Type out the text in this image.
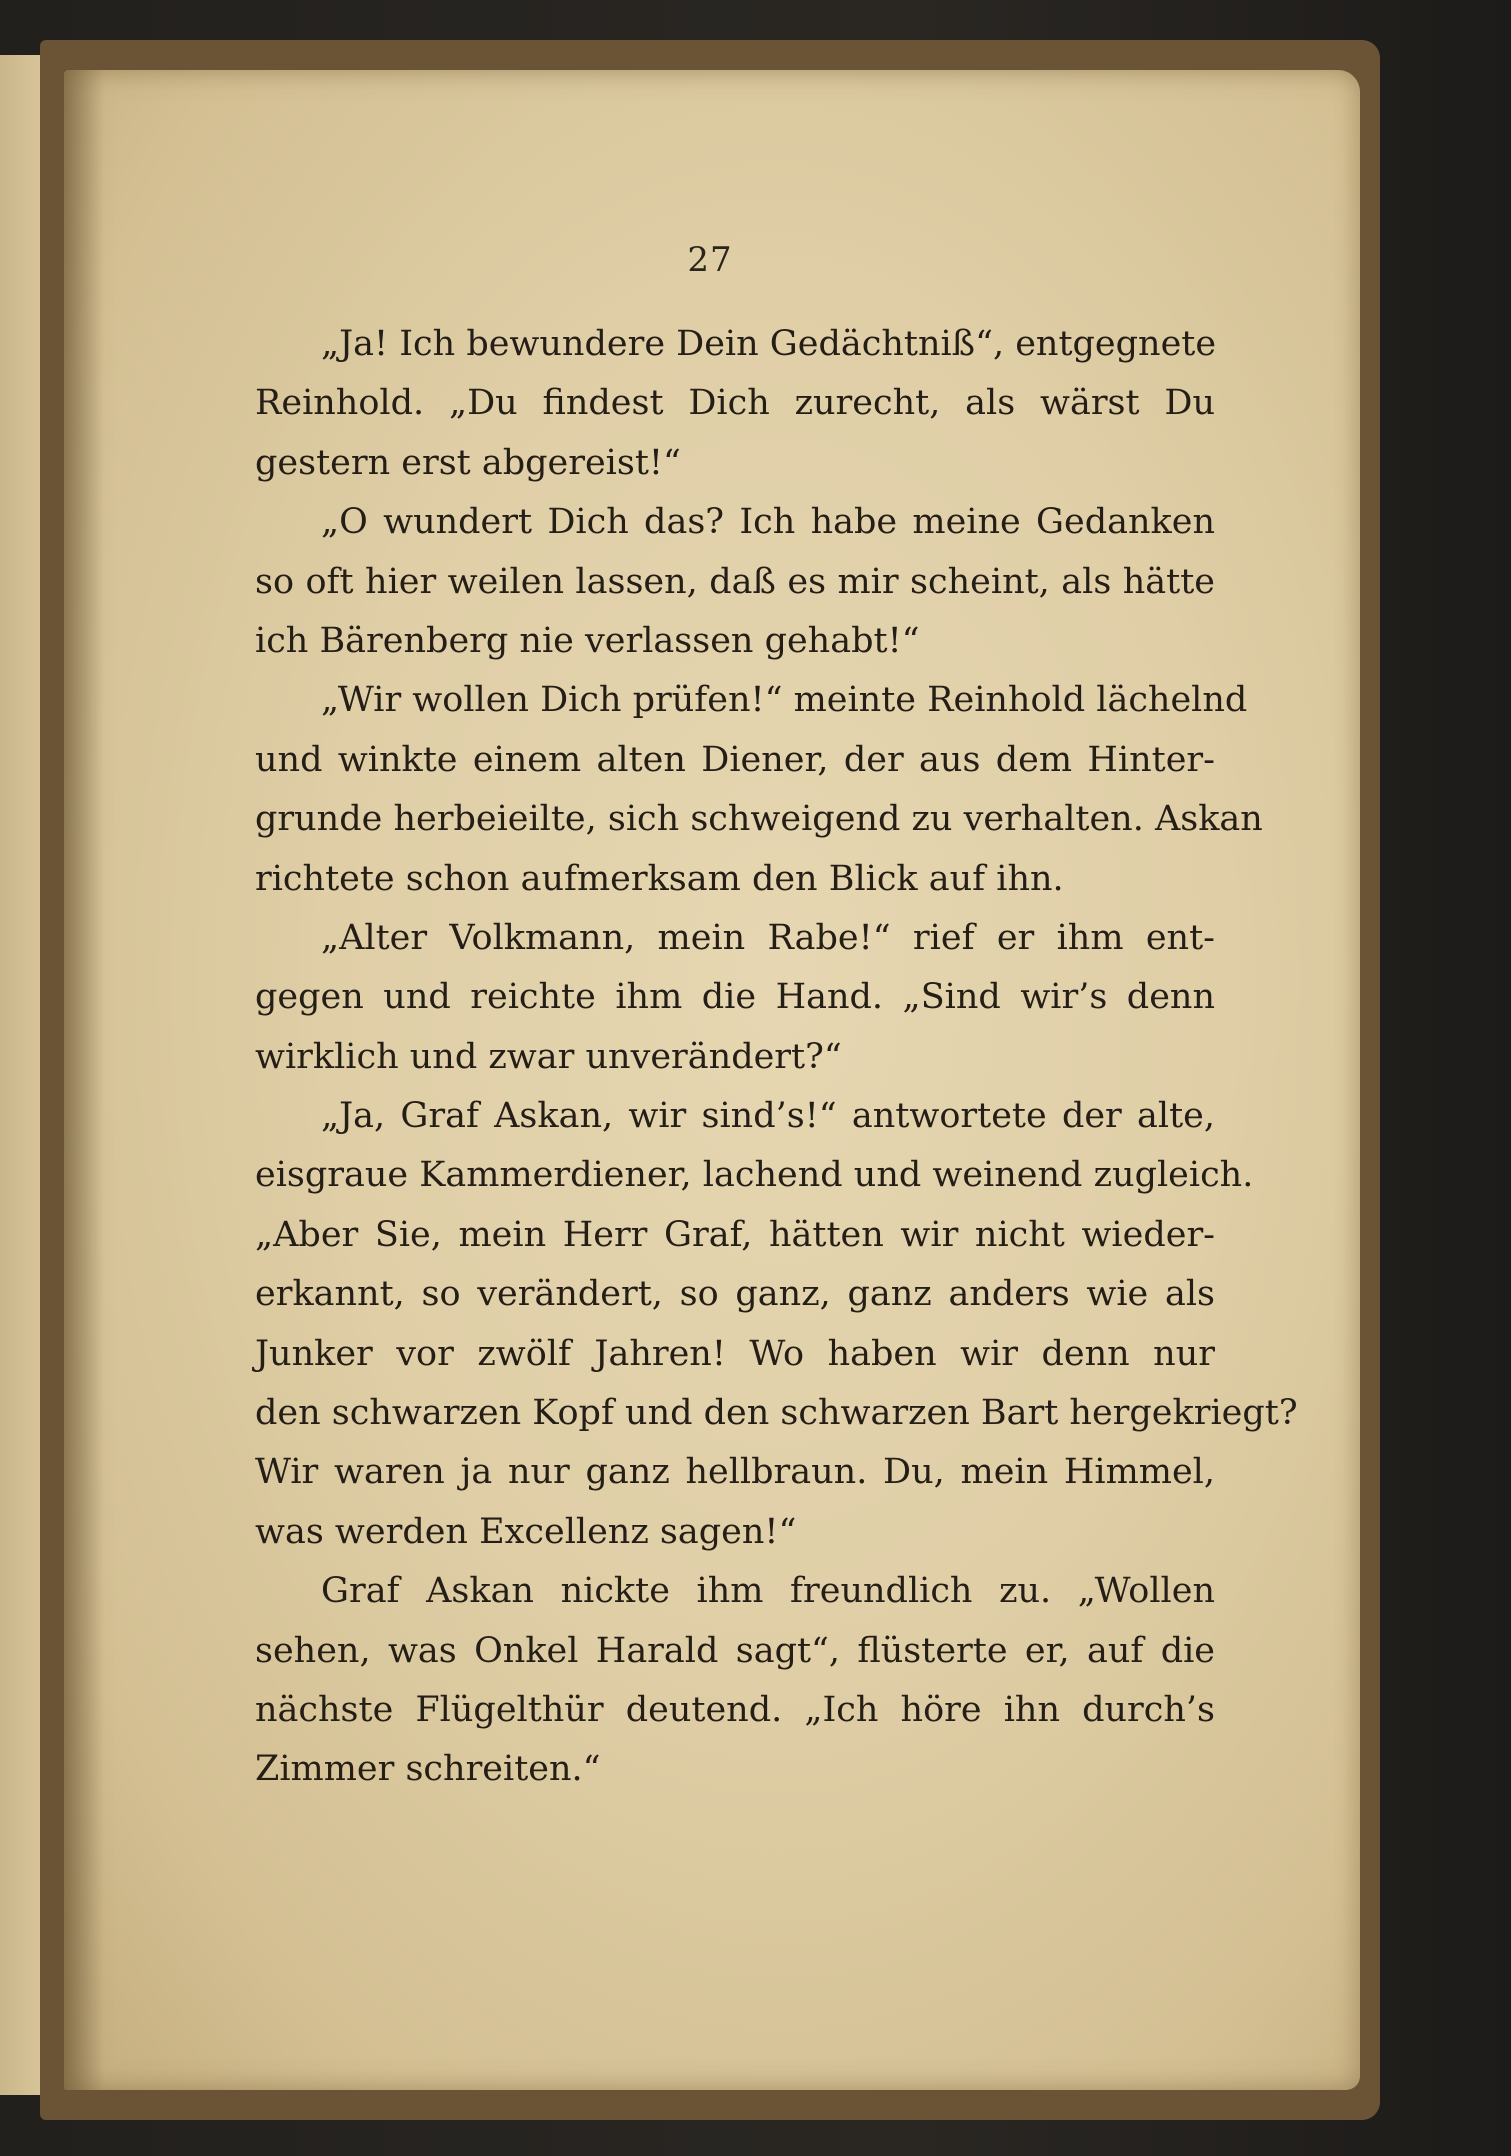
27
„Ja! Ich bewundere Dein Gedächtniß“, entgegnete
Reinhold. „Du findest Dich zurecht, als wärst Du
gestern erst abgereist!“
„O wundert Dich das? Ich habe meine Gedanken
so oft hier weilen lassen, daß es mir scheint, als hätte
ich Bärenberg nie verlassen gehabt!“
„Wir wollen Dich prüfen!“ meinte Reinhold lächelnd
und winkte einem alten Diener, der aus dem Hinter-
grunde herbeieilte, sich schweigend zu verhalten. Askan
richtete schon aufmerksam den Blick auf ihn.
„Alter Volkmann, mein Rabe!“ rief er ihm ent-
gegen und reichte ihm die Hand. „Sind wir’s denn
wirklich und zwar unverändert?“
„Ja, Graf Askan, wir sind’s!“ antwortete der alte,
eisgraue Kammerdiener, lachend und weinend zugleich.
„Aber Sie, mein Herr Graf, hätten wir nicht wieder-
erkannt, so verändert, so ganz, ganz anders wie als
Junker vor zwölf Jahren! Wo haben wir denn nur
den schwarzen Kopf und den schwarzen Bart hergekriegt?
Wir waren ja nur ganz hellbraun. Du, mein Himmel,
was werden Excellenz sagen!“
Graf Askan nickte ihm freundlich zu. „Wollen
sehen, was Onkel Harald sagt“, flüsterte er, auf die
nächste Flügelthür deutend. „Ich höre ihn durch’s
Zimmer schreiten.“
